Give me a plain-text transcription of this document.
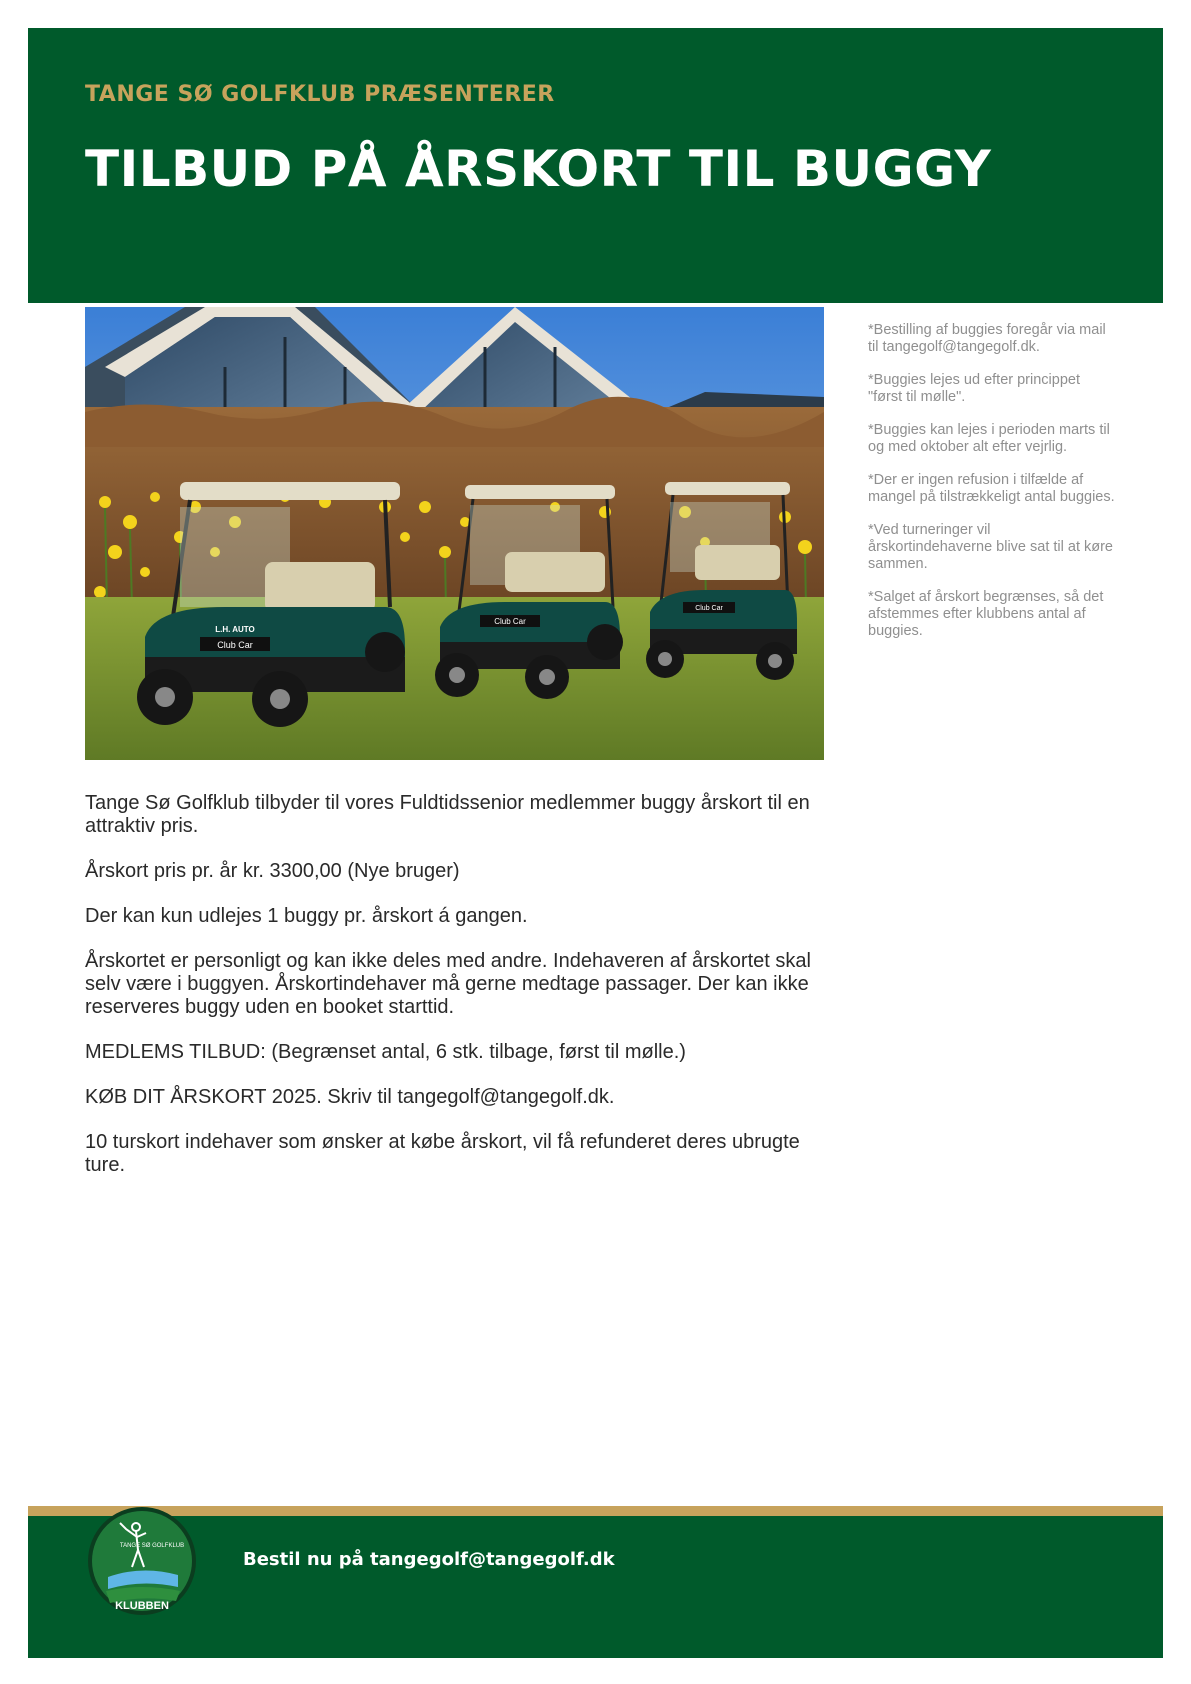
TANGE SØ GOLFKLUB PRÆSENTERER

TILBUD PÅ ÅRSKORT TIL BUGGY
Club Car
L.H. AUTO
Club Car
Club Car

*Bestilling af buggies foregår via mail til tangegolf@tangegolf.dk.

*Buggies lejes ud efter princippet "først til mølle".

*Buggies kan lejes i perioden marts til og med oktober alt efter vejrlig.

*Der er ingen refusion i tilfælde af mangel på tilstrækkeligt antal buggies.

*Ved turneringer vil årskortindehaverne blive sat til at køre sammen.

*Salget af årskort begrænses, så det afstemmes efter klubbens antal af buggies.

Tange Sø Golfklub tilbyder til vores Fuldtidssenior medlemmer buggy årskort til en attraktiv pris.

Årskort pris pr. år kr. 3300,00 (Nye bruger)

Der kan kun udlejes 1 buggy pr. årskort á gangen.

Årskortet er personligt og kan ikke deles med andre. Indehaveren af årskortet skal selv være i buggyen. Årskortindehaver må gerne medtage passager. Der kan ikke reserveres buggy uden en booket starttid.

MEDLEMS TILBUD: (Begrænset antal, 6 stk. tilbage, først til mølle.)

KØB DIT ÅRSKORT 2025. Skriv til tangegolf@tangegolf.dk.

10 turskort indehaver som ønsker at købe årskort, vil få refunderet deres ubrugte ture.

TANGE SØ GOLFKLUB
KLUBBEN

Bestil nu på tangegolf@tangegolf.dk
